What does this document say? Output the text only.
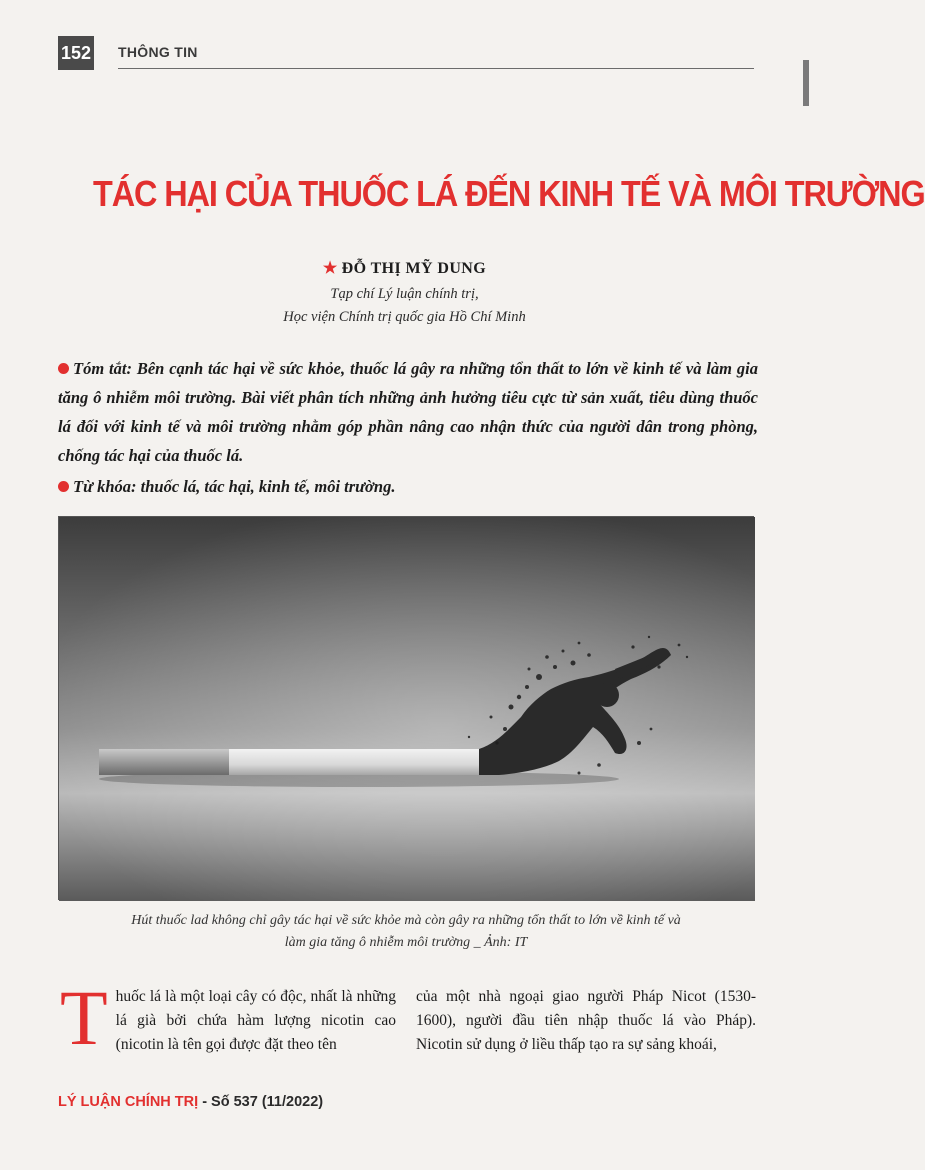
152 THÔNG TIN
TÁC HẠI CỦA THUỐC LÁ ĐẾN KINH TẾ VÀ MÔI TRƯỜNG
★ ĐỖ THỊ MỸ DUNG
Tạp chí Lý luận chính trị,
Học viện Chính trị quốc gia Hồ Chí Minh
Tóm tắt: Bên cạnh tác hại về sức khỏe, thuốc lá gây ra những tổn thất to lớn về kinh tế và làm gia tăng ô nhiễm môi trường. Bài viết phân tích những ảnh hưởng tiêu cực từ sản xuất, tiêu dùng thuốc lá đối với kinh tế và môi trường nhằm góp phần nâng cao nhận thức của người dân trong phòng, chống tác hại của thuốc lá.
Từ khóa: thuốc lá, tác hại, kinh tế, môi trường.
Hút thuốc lad không chỉ gây tác hại về sức khỏe mà còn gây ra những tổn thất to lớn về kinh tế và
làm gia tăng ô nhiễm môi trường _ Ảnh: IT
Thuốc lá là một loại cây có độc, nhất là những lá già bởi chứa hàm lượng nicotin cao (nicotin là tên gọi được đặt theo tên
của một nhà ngoại giao người Pháp Nicot (1530-1600), người đầu tiên nhập thuốc lá vào Pháp). Nicotin sử dụng ở liều thấp tạo ra sự sảng khoái,
LÝ LUẬN CHÍNH TRỊ - Số 537 (11/2022)
